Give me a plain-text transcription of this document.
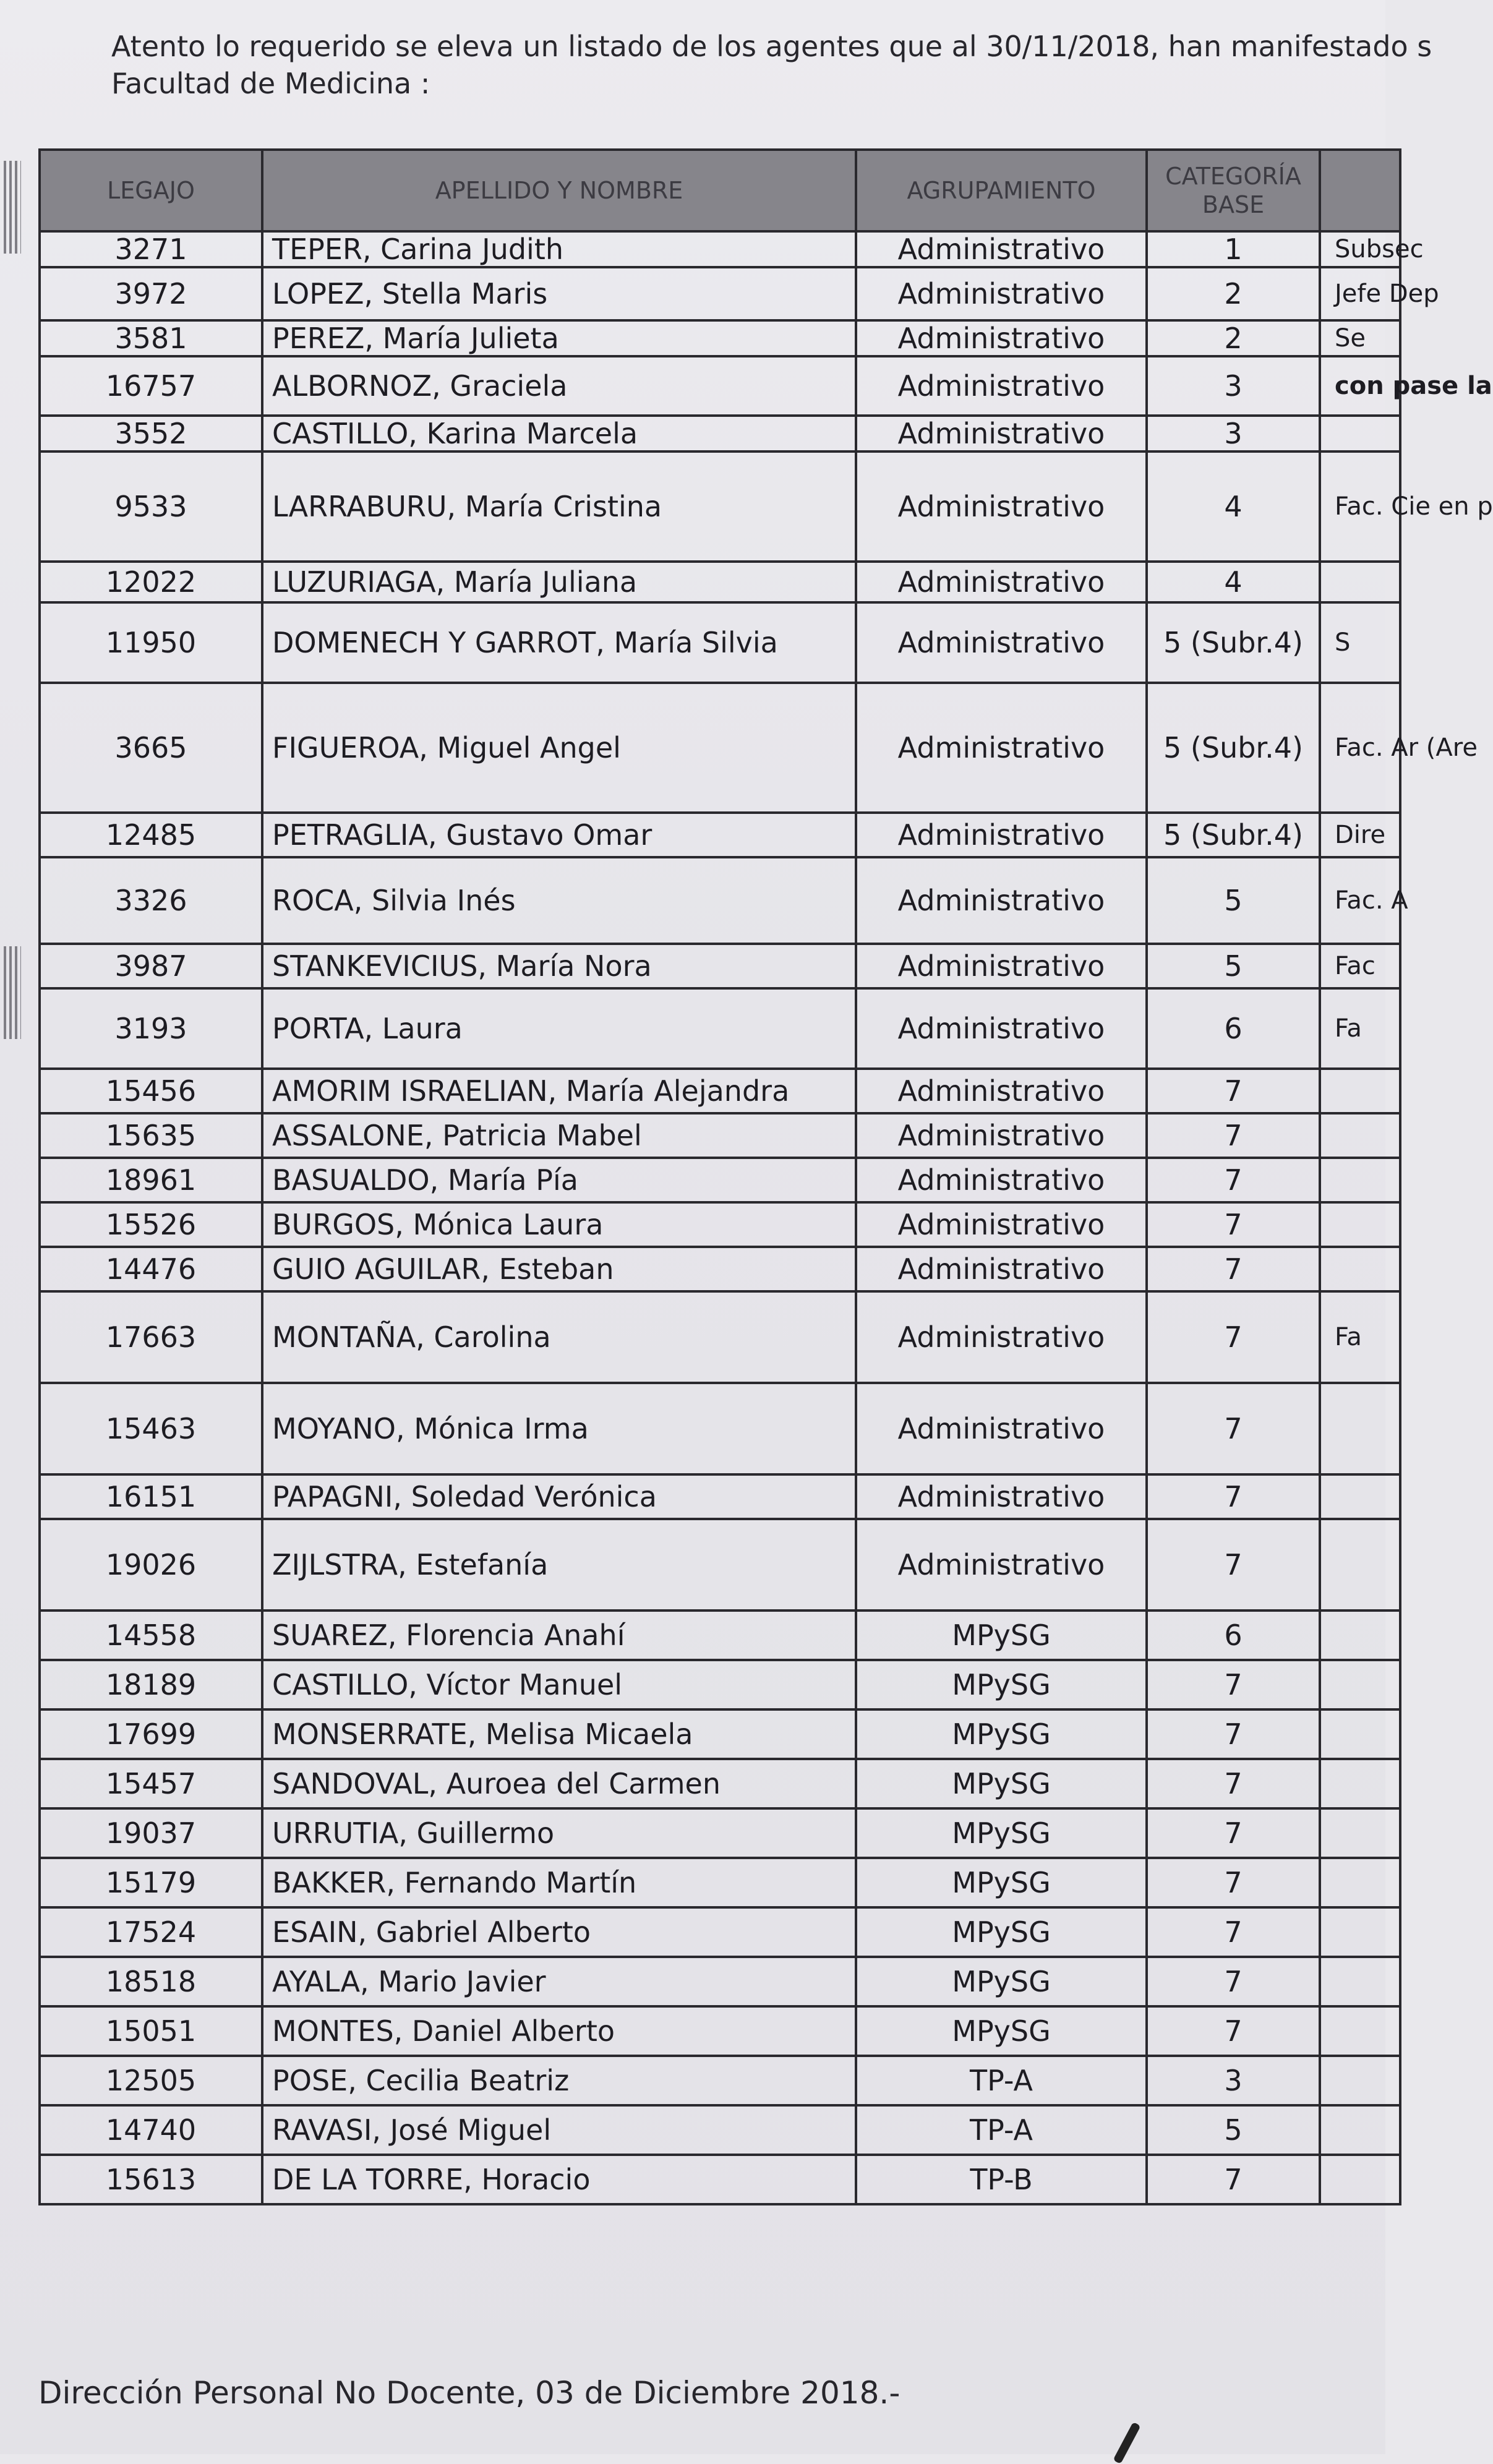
Atento lo requerido se eleva un listado de los agentes que al 30/11/2018, han manifestado s
Facultad de Medicina :
LEGAJO	APELLIDO Y NOMBRE	AGRUPAMIENTO	CATEGORÍA
BASE	

3271	TEPER, Carina Judith	Administrativo	1	Subsec
3972	LOPEZ, Stella Maris	Administrativo	2	Jefe Dep
3581	PEREZ, María Julieta	Administrativo	2	Se
16757	ALBORNOZ, Graciela	Administrativo	3	con pase la
3552	CASTILLO, Karina Marcela	Administrativo	3	
9533	LARRABURU, María Cristina	Administrativo	4	Fac. Cie en p
12022	LUZURIAGA, María Juliana	Administrativo	4	
11950	DOMENECH Y GARROT, María Silvia	Administrativo	5 (Subr.4)	S
3665	FIGUEROA, Miguel Angel	Administrativo	5 (Subr.4)	Fac. Ar (Are
12485	PETRAGLIA, Gustavo Omar	Administrativo	5 (Subr.4)	Dire
3326	ROCA, Silvia Inés	Administrativo	5	Fac. A
3987	STANKEVICIUS, María Nora	Administrativo	5	Fac
3193	PORTA, Laura	Administrativo	6	Fa
15456	AMORIM ISRAELIAN, María Alejandra	Administrativo	7	
15635	ASSALONE, Patricia Mabel	Administrativo	7	
18961	BASUALDO, María Pía	Administrativo	7	
15526	BURGOS, Mónica Laura	Administrativo	7	
14476	GUIO AGUILAR, Esteban	Administrativo	7	
17663	MONTAÑA, Carolina	Administrativo	7	Fa
15463	MOYANO, Mónica Irma	Administrativo	7	
16151	PAPAGNI, Soledad Verónica	Administrativo	7	
19026	ZIJLSTRA, Estefanía	Administrativo	7	
14558	SUAREZ, Florencia Anahí	MPySG	6	
18189	CASTILLO, Víctor Manuel	MPySG	7	
17699	MONSERRATE, Melisa Micaela	MPySG	7	
15457	SANDOVAL, Auroea del Carmen	MPySG	7	
19037	URRUTIA, Guillermo	MPySG	7	
15179	BAKKER, Fernando Martín	MPySG	7	
17524	ESAIN, Gabriel Alberto	MPySG	7	
18518	AYALA, Mario Javier	MPySG	7	
15051	MONTES, Daniel Alberto	MPySG	7	
12505	POSE, Cecilia Beatriz	TP-A	3	
14740	RAVASI, José Miguel	TP-A	5	
15613	DE LA TORRE, Horacio	TP-B	7	
Dirección Personal No Docente, 03 de Diciembre 2018.-
